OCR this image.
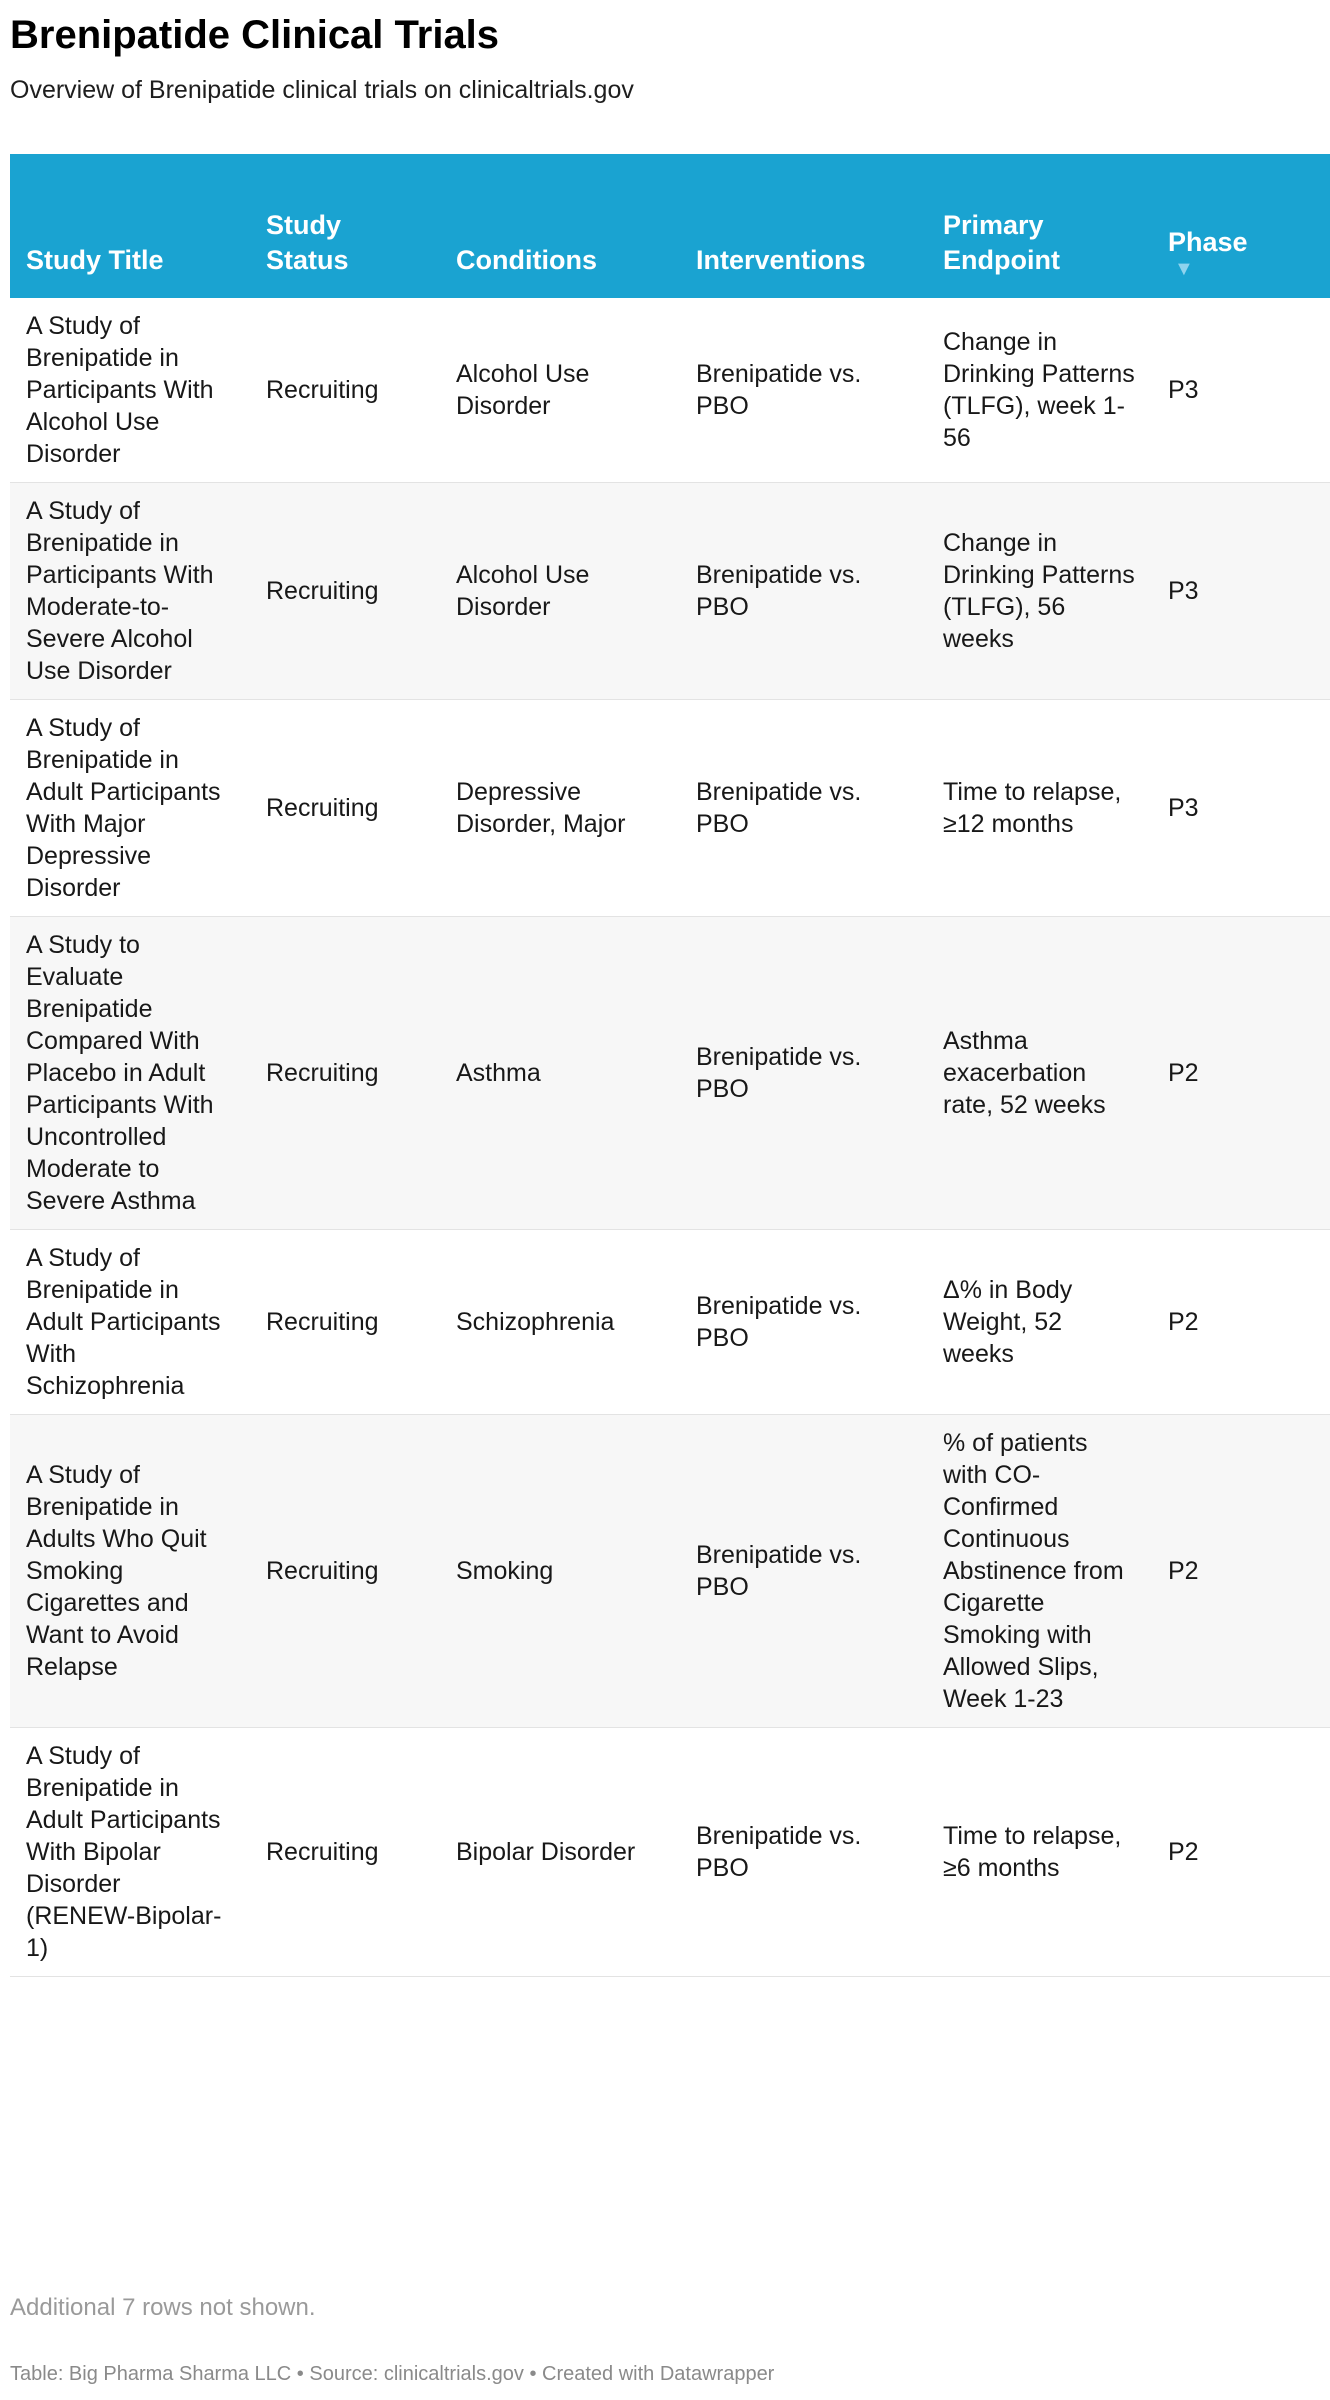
Brenipatide Clinical Trials

Overview of Brenipatide clinical trials on clinicaltrials.gov

Study Title	Study Status	Conditions	Interventions	Primary Endpoint	Phase
▼

A Study of Brenipatide in Participants With Alcohol Use Disorder	Recruiting	Alcohol Use Disorder	Brenipatide vs. PBO	Change in Drinking Patterns (TLFG), week 1-56	P3
A Study of Brenipatide in Participants With Moderate-to-Severe Alcohol Use Disorder	Recruiting	Alcohol Use Disorder	Brenipatide vs. PBO	Change in Drinking Patterns (TLFG), 56 weeks	P3
A Study of Brenipatide in Adult Participants With Major Depressive Disorder	Recruiting	Depressive Disorder, Major	Brenipatide vs. PBO	Time to relapse, ≥12 months	P3
A Study to Evaluate Brenipatide Compared With Placebo in Adult Participants With Uncontrolled Moderate to Severe Asthma	Recruiting	Asthma	Brenipatide vs. PBO	Asthma exacerbation rate, 52 weeks	P2
A Study of Brenipatide in Adult Participants With Schizophrenia	Recruiting	Schizophrenia	Brenipatide vs. PBO	Δ% in Body Weight, 52 weeks	P2
A Study of Brenipatide in Adults Who Quit Smoking Cigarettes and Want to Avoid Relapse	Recruiting	Smoking	Brenipatide vs. PBO	% of patients with CO-Confirmed Continuous Abstinence from Cigarette Smoking with Allowed Slips, Week 1-23	P2
A Study of Brenipatide in Adult Participants With Bipolar Disorder (RENEW-Bipolar-1)	Recruiting	Bipolar Disorder	Brenipatide vs. PBO	Time to relapse, ≥6 months	P2
Additional 7 rows not shown.
Table: Big Pharma Sharma LLC • Source: clinicaltrials.gov • Created with Datawrapper
